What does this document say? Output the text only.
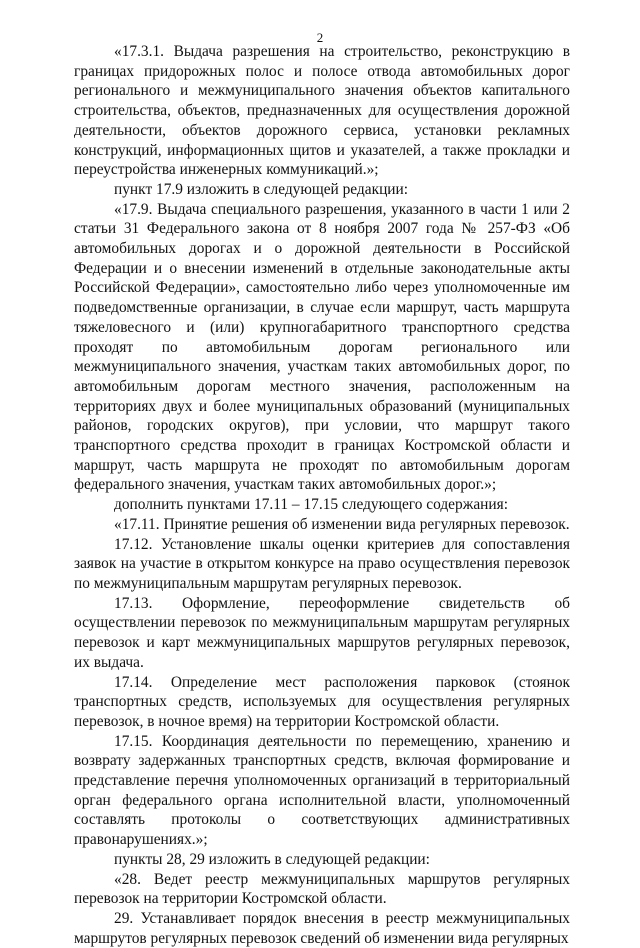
2

«17.3.1. Выдача разрешения на строительство, реконструкцию в границах придорожных полос и полосе отвода автомобильных дорог регионального и межмуниципального значения объектов капитального строительства, объектов, предназначенных для осуществления дорожной деятельности, объектов дорожного сервиса, установки рекламных конструкций, информационных щитов и указателей, а также прокладки и переустройства инженерных коммуникаций.»;

пункт 17.9 изложить в следующей редакции:

«17.9. Выдача специального разрешения, указанного в части 1 или 2 статьи 31 Федерального закона от 8 ноября 2007 года № 257-ФЗ «Об автомобильных дорогах и о дорожной деятельности в Российской Федерации и о внесении изменений в отдельные законодательные акты Российской Федерации», самостоятельно либо через уполномоченные им подведомственные организации, в случае если маршрут, часть маршрута тяжеловесного и (или) крупногабаритного транспортного средства проходят по автомобильным дорогам регионального или межмуниципального значения, участкам таких автомобильных дорог, по автомобильным дорогам местного значения, расположенным на территориях двух и более муниципальных образований (муниципальных районов, городских округов), при условии, что маршрут такого транспортного средства проходит в границах Костромской области и маршрут, часть маршрута не проходят по автомобильным дорогам федерального значения, участкам таких автомобильных дорог.»;

дополнить пунктами 17.11 – 17.15 следующего содержания:

«17.11. Принятие решения об изменении вида регулярных перевозок.

17.12. Установление шкалы оценки критериев для сопоставления заявок на участие в открытом конкурсе на право осуществления перевозок по межмуниципальным маршрутам регулярных перевозок.

17.13. Оформление, переоформление свидетельств об осуществлении перевозок по межмуниципальным маршрутам регулярных перевозок и карт межмуниципальных маршрутов регулярных перевозок, их выдача.

17.14. Определение мест расположения парковок (стоянок транспортных средств, используемых для осуществления регулярных перевозок, в ночное время) на территории Костромской области.

17.15. Координация деятельности по перемещению, хранению и возврату задержанных транспортных средств, включая формирование и представление перечня уполномоченных организаций в территориальный орган федерального органа исполнительной власти, уполномоченный составлять протоколы о соответствующих административных правонарушениях.»;

пункты 28, 29 изложить в следующей редакции:

«28. Ведет реестр межмуниципальных маршрутов регулярных перевозок на территории Костромской области.

29. Устанавливает порядок внесения в реестр межмуниципальных маршрутов регулярных перевозок сведений об изменении вида регулярных
